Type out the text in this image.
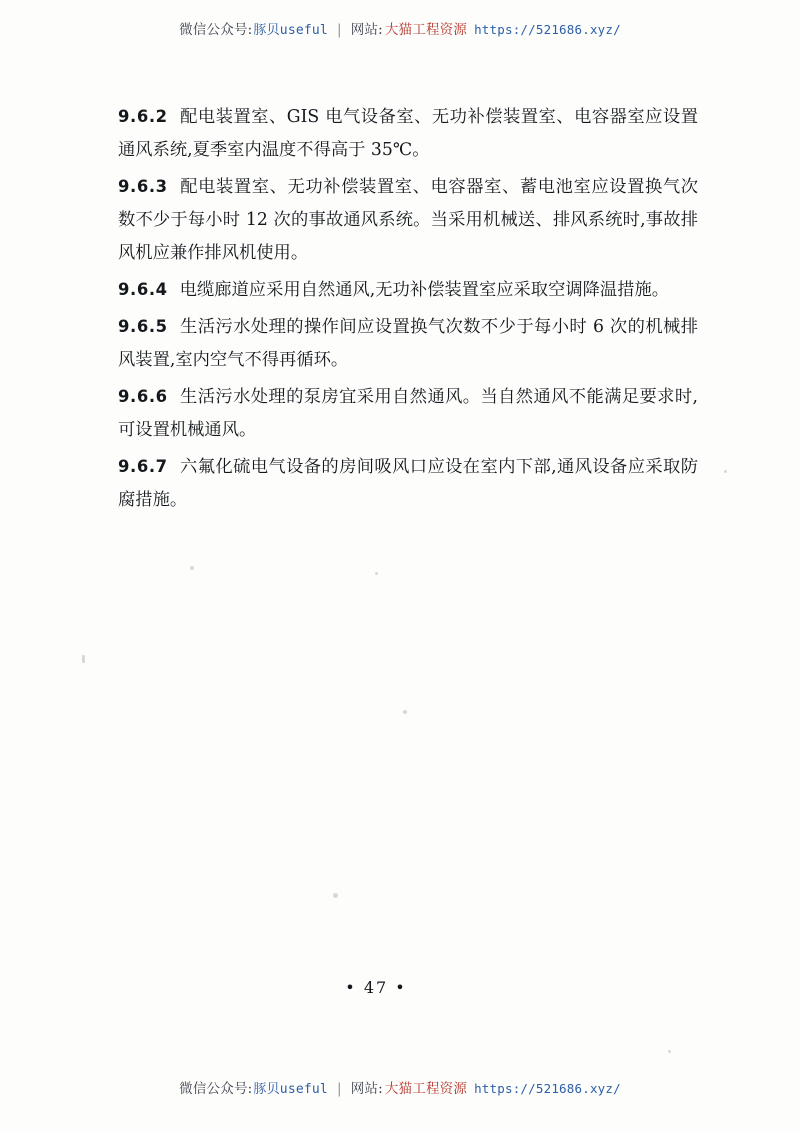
微信公众号: 豚贝useful | 网站: 大猫工程资源 https://521686.xyz/

9.6.2 配电装置室、GIS 电气设备室、无功补偿装置室、电容器室应设置通风系统,夏季室内温度不得高于 35℃。

9.6.3 配电装置室、无功补偿装置室、电容器室、蓄电池室应设置换气次数不少于每小时 12 次的事故通风系统。当采用机械送、排风系统时,事故排风机应兼作排风机使用。

9.6.4 电缆廊道应采用自然通风,无功补偿装置室应采取空调降温措施。

9.6.5 生活污水处理的操作间应设置换气次数不少于每小时 6 次的机械排风装置,室内空气不得再循环。

9.6.6 生活污水处理的泵房宜采用自然通风。当自然通风不能满足要求时,可设置机械通风。

9.6.7 六氟化硫电气设备的房间吸风口应设在室内下部,通风设备应采取防腐措施。

• 47 •
微信公众号: 豚贝useful | 网站: 大猫工程资源 https://521686.xyz/
